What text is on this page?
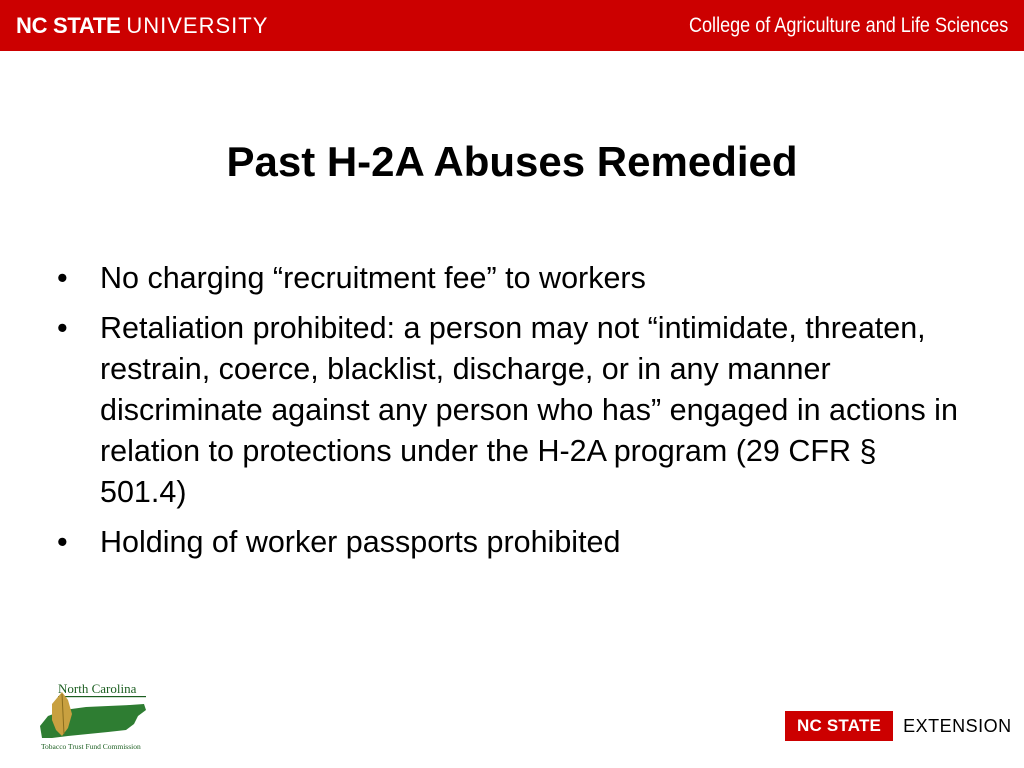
NC STATE UNIVERSITY	College of Agriculture and Life Sciences
Past H-2A Abuses Remedied
• No charging “recruitment fee” to workers
• Retaliation prohibited: a person may not “intimidate, threaten, restrain, coerce, blacklist, discharge, or in any manner discriminate against any person who has” engaged in actions in relation to protections under the H-2A program (29 CFR § 501.4)
• Holding of worker passports prohibited
North Carolina
Tobacco Trust Fund Commission
NC STATE	EXTENSION
